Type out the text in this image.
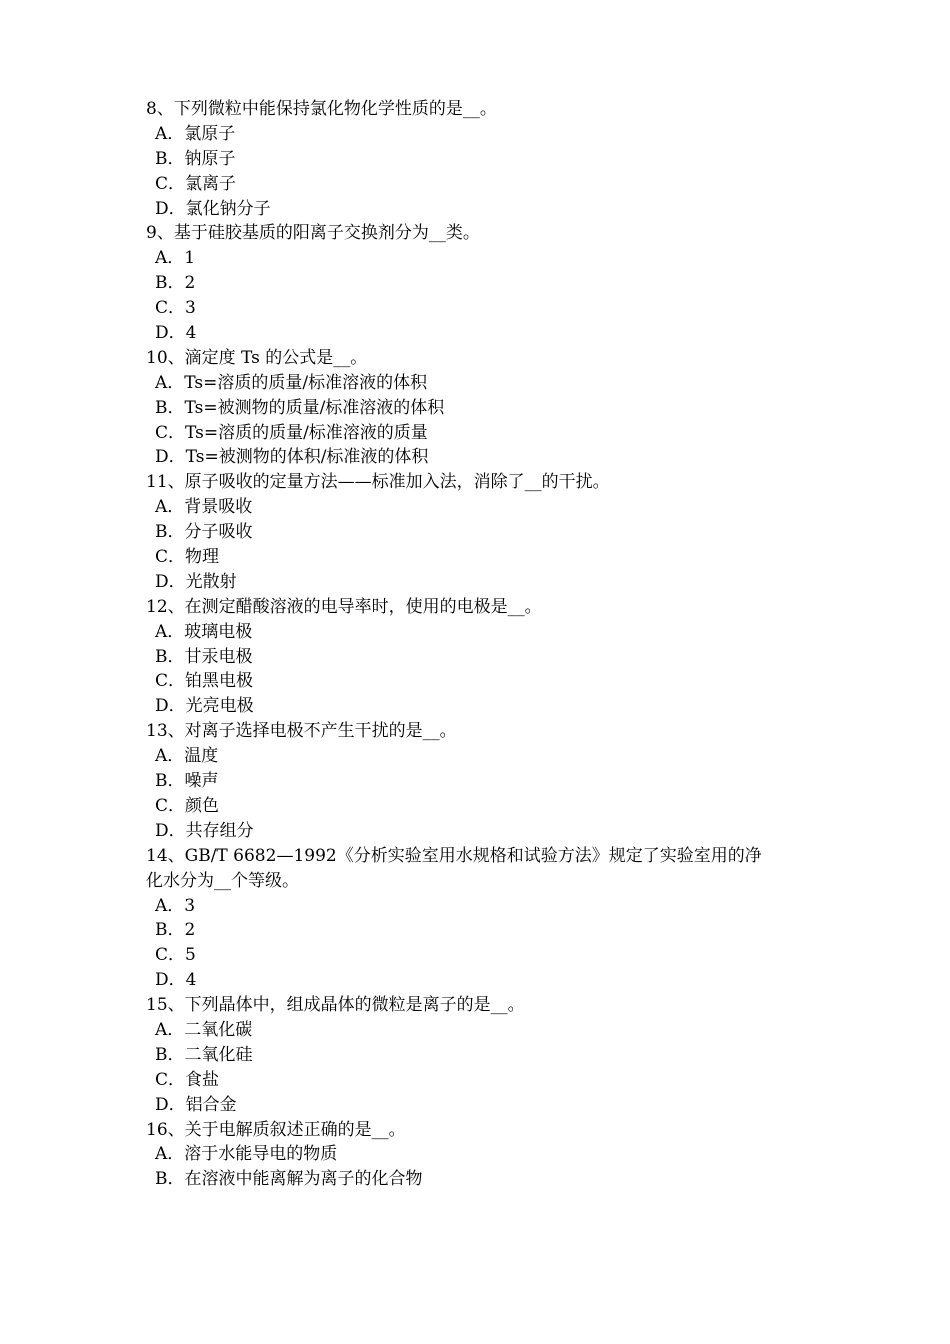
8、下列微粒中能保持氯化物化学性质的是__。
A．氯原子
B．钠原子
C．氯离子
D．氯化钠分子
9、基于硅胶基质的阳离子交换剂分为__类。
A．1
B．2
C．3
D．4
10、滴定度 Ts 的公式是__。
A．Ts=溶质的质量/标准溶液的体积
B．Ts=被测物的质量/标准溶液的体积
C．Ts=溶质的质量/标准溶液的质量
D．Ts=被测物的体积/标准液的体积
11、原子吸收的定量方法——标准加入法，消除了__的干扰。
A．背景吸收
B．分子吸收
C．物理
D．光散射
12、在测定醋酸溶液的电导率时，使用的电极是__。
A．玻璃电极
B．甘汞电极
C．铂黑电极
D．光亮电极
13、对离子选择电极不产生干扰的是__。
A．温度
B．噪声
C．颜色
D．共存组分
14、GB/T 6682—1992《分析实验室用水规格和试验方法》规定了实验室用的净
化水分为__个等级。
A．3
B．2
C．5
D．4
15、下列晶体中，组成晶体的微粒是离子的是__。
A．二氧化碳
B．二氧化硅
C．食盐
D．铝合金
16、关于电解质叙述正确的是__。
A．溶于水能导电的物质
B．在溶液中能离解为离子的化合物
